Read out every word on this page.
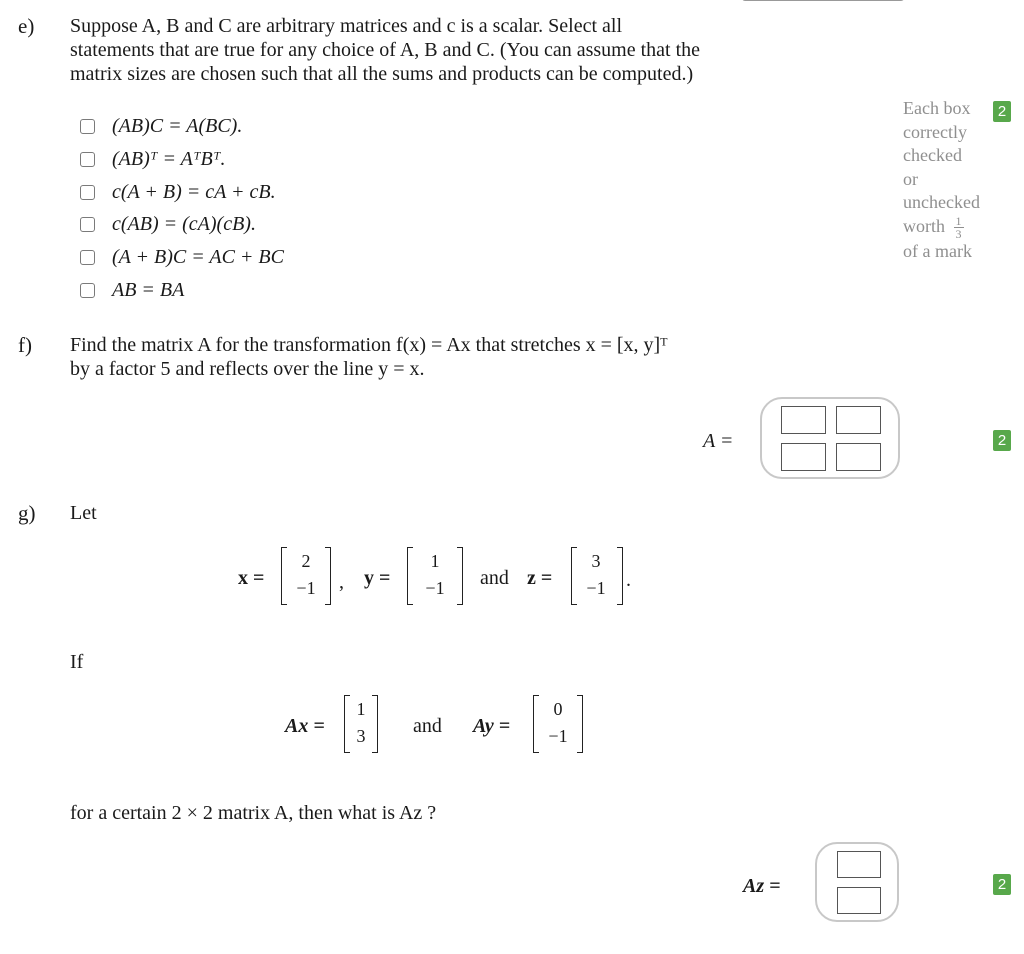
e) Suppose A, B and C are arbitrary matrices and c is a scalar. Select all
statements that are true for any choice of A, B and C. (You can assume that the
matrix sizes are chosen such that all the sums and products can be computed.)
(AB)C = A(BC).
(AB)ᵀ = AᵀBᵀ.
c(A + B) = cA + cB.
c(AB) = (cA)(cB).
(A + B)C = AC + BC
AB = BA
Each box
correctly
checked
or
unchecked
worth $\frac{1}{3}$
of a mark
2
f) Find the matrix A for the transformation f(x) = Ax that stretches x = [x, y]ᵀ
by a factor 5 and reflects over the line y = x.
A =	2
g) Let
x =
2
−1 , y =
1
−1 and z =
3
−1 .
If
Ax =
1
3	and Ay =
0
−1
for a certain 2 × 2 matrix A, then what is Az ?
Az =	2
